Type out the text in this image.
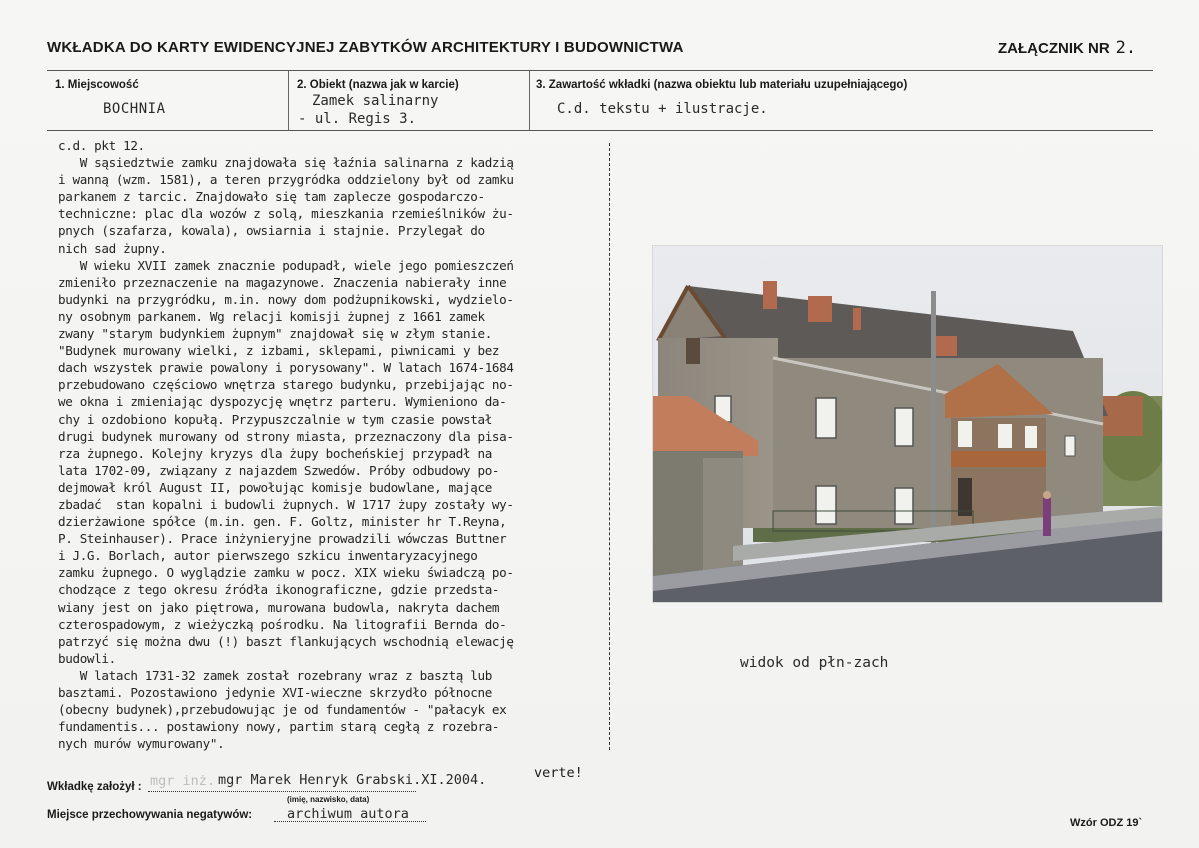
WKŁADKA DO KARTY EWIDENCYJNEJ ZABYTKÓW ARCHITEKTURY I BUDOWNICTWA	ZAŁĄCZNIK NR 2.
1. Miejscowość
BOCHNIA
2. Obiekt (nazwa jak w karcie)
Zamek salinarny
- ul. Regis 3.
3. Zawartość wkładki (nazwa obiektu lub materiału uzupełniającego)
C.d. tekstu + ilustracje.
c.d. pkt 12.
W sąsiedztwie zamku znajdowała się łaźnia salinarna z kadzią
i wanną (wzm. 1581), a teren przygródka oddzielony był od zamku
parkanem z tarcic. Znajdowało się tam zaplecze gospodarczo-
techniczne: plac dla wozów z solą, mieszkania rzemieślników żu-
pnych (szafarza, kowala), owsiarnia i stajnie. Przylegał do
nich sad żupny.
W wieku XVII zamek znacznie podupadł, wiele jego pomieszczeń
zmieniło przeznaczenie na magazynowe. Znaczenia nabierały inne
budynki na przygródku, m.in. nowy dom podżupnikowski, wydzielo-
ny osobnym parkanem. Wg relacji komisji żupnej z 1661 zamek
zwany "starym budynkiem żupnym" znajdował się w złym stanie.
"Budynek murowany wielki, z izbami, sklepami, piwnicami y bez
dach wszystek prawie powalony i porysowany". W latach 1674-1684
przebudowano częściowo wnętrza starego budynku, przebijając no-
we okna i zmieniając dyspozycję wnętrz parteru. Wymieniono da-
chy i ozdobiono kopułą. Przypuszczalnie w tym czasie powstał
drugi budynek murowany od strony miasta, przeznaczony dla pisa-
rza żupnego. Kolejny kryzys dla żupy bocheńskiej przypadł na
lata 1702-09, związany z najazdem Szwedów. Próby odbudowy po-
dejmował król August II, powołując komisje budowlane, mające
zbadać  stan kopalni i budowli żupnych. W 1717 żupy zostały wy-
dzierżawione spółce (m.in. gen. F. Goltz, minister hr T.Reyna,
P. Steinhauser). Prace inżynieryjne prowadzili wówczas Buttner
i J.G. Borlach, autor pierwszego szkicu inwentaryzacyjnego
zamku żupnego. O wyglądzie zamku w pocz. XIX wieku świadczą po-
chodzące z tego okresu źródła ikonograficzne, gdzie przedsta-
wiany jest on jako piętrowa, murowana budowla, nakryta dachem
czterospadowym, z wieżyczką pośrodku. Na litografii Bernda do-
patrzyć się można dwu (!) baszt flankujących wschodnią elewację
budowli.
W latach 1731-32 zamek został rozebrany wraz z basztą lub
basztami. Pozostawiono jedynie XVI-wieczne skrzydło północne
(obecny budynek),przebudowując je od fundamentów - "pałacyk ex
fundamentis... postawiony nowy, partim starą cegłą z rozebra-
nych murów wymurowany".
verte!
widok od płn-zach
Wkładkę założył : mgr inż. mgr Marek Henryk Grabski.XI.2004.
(imię, nazwisko, data)
Miejsce przechowywania negatywów:	archiwum autora
Wzór ODZ 19`
